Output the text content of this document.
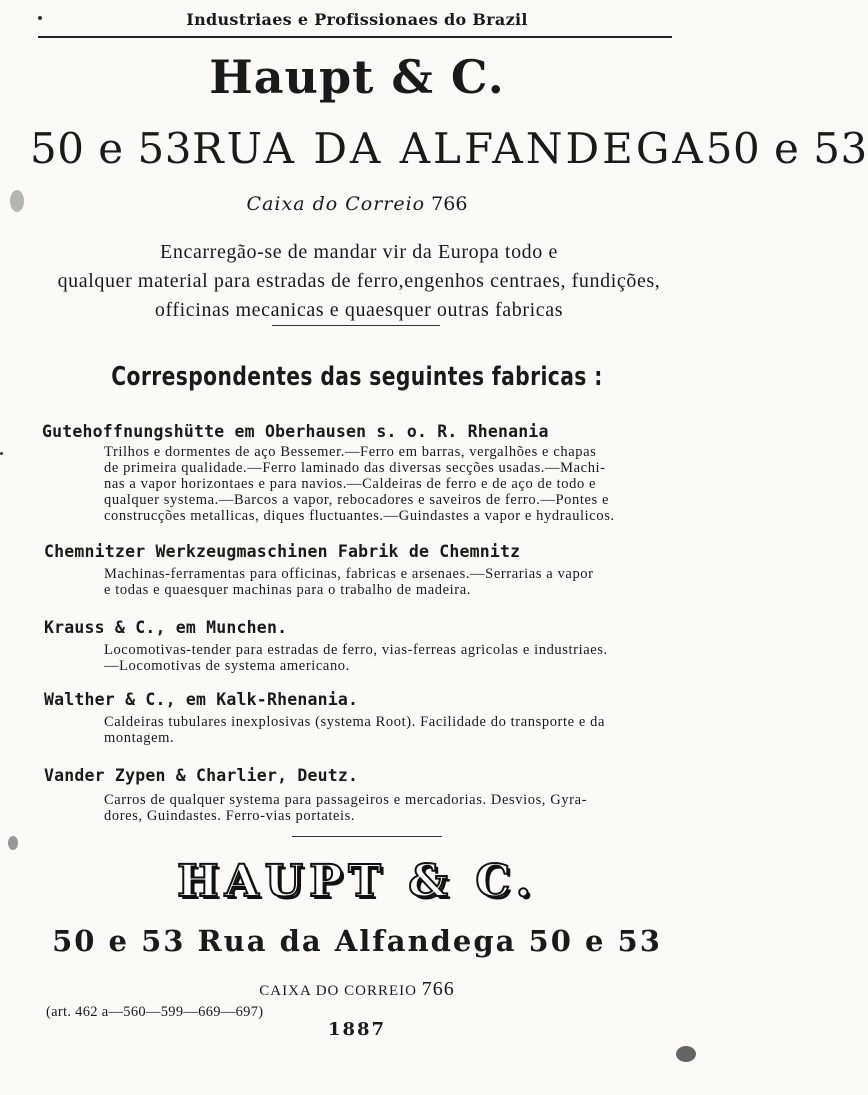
Industriaes e Profissionaes do Brazil
Haupt & C.
50 e 53 RUA DA ALFANDEGA 50 e 53
Caixa do Correio 766
Encarregão-se de mandar vir da Europa todo e
qualquer material para estradas de ferro,engenhos centraes, fundições,
officinas mecanicas e quaesquer outras fabricas
Correspondentes das seguintes fabricas :
Gutehoffnungshütte em Oberhausen s. o. R. Rhenania
Trilhos e dormentes de aço Bessemer.—Ferro em barras, vergalhões e chapas
de primeira qualidade.—Ferro laminado das diversas secções usadas.—Machi-
nas a vapor horizontaes e para navios.—Caldeiras de ferro e de aço de todo e
qualquer systema.—Barcos a vapor, rebocadores e saveiros de ferro.—Pontes e
construcções metallicas, diques fluctuantes.—Guindastes a vapor e hydraulicos.
Chemnitzer Werkzeugmaschinen Fabrik de Chemnitz
Machinas-ferramentas para officinas, fabricas e arsenaes.—Serrarias a vapor
e todas e quaesquer machinas para o trabalho de madeira.
Krauss & C., em Munchen.
Locomotivas-tender para estradas de ferro, vias-ferreas agricolas e industriaes.
—Locomotivas de systema americano.
Walther & C., em Kalk-Rhenania.
Caldeiras tubulares inexplosivas (systema Root). Facilidade do transporte e da
montagem.
Vander Zypen & Charlier, Deutz.
Carros de qualquer systema para passageiros e mercadorias. Desvios, Gyra-
dores, Guindastes. Ferro-vias portateis.
HAUPT & C.
50 e 53 Rua da Alfandega 50 e 53
CAIXA DO CORREIO 766
(art. 462 a—560—599—669—697)
1887
